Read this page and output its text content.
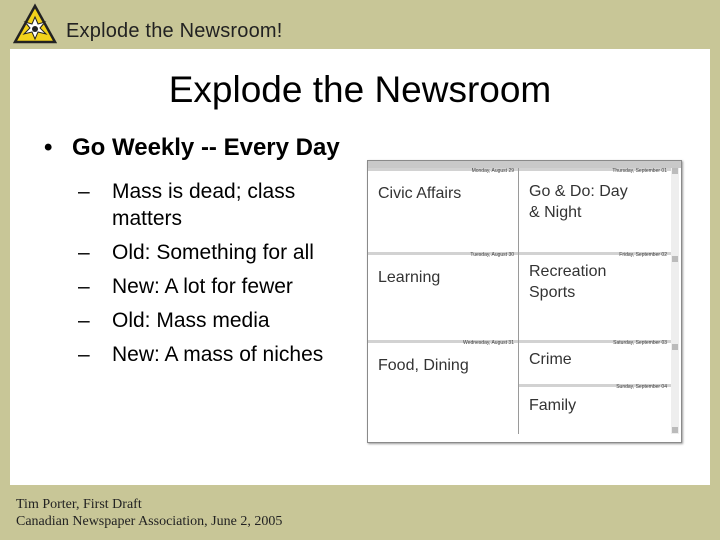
Explode the Newsroom!
Explode the Newsroom
• Go Weekly -- Every Day
– Mass is dead; class matters
– Old: Something for all
– New: A lot for fewer
– Old: Mass media
– New: A mass of niches
Monday, August 29
Civic Affairs
Thursday, September 01
Go & Do: Day & Night
Tuesday, August 30
Learning
Friday, September 02
Recreation Sports
Wednesday, August 31
Food, Dining
Saturday, September 03
Crime
Sunday, September 04
Family
Tim Porter, First Draft
Canadian Newspaper Association, June 2, 2005
